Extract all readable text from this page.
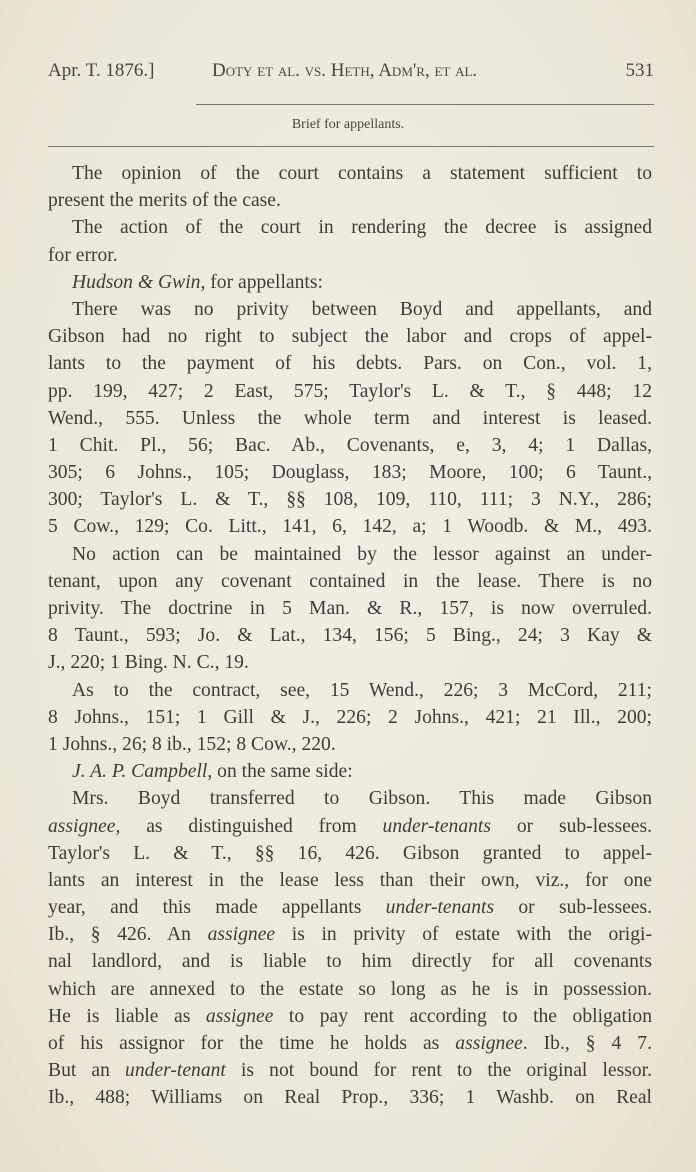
Apr. T. 1876.]	Doty et al. vs. Heth, Adm'r, et al.	531
Brief for appellants.
The opinion of the court contains a statement sufficient to
present the merits of the case.
The action of the court in rendering the decree is assigned
for error.
Hudson & Gwin, for appellants:
There was no privity between Boyd and appellants, and
Gibson had no right to subject the labor and crops of appel-
lants to the payment of his debts. Pars. on Con., vol. 1,
pp. 199, 427; 2 East, 575; Taylor's L. & T., § 448; 12
Wend., 555. Unless the whole term and interest is leased.
1 Chit. Pl., 56; Bac. Ab., Covenants, e, 3, 4; 1 Dallas,
305; 6 Johns., 105; Douglass, 183; Moore, 100; 6 Taunt.,
300; Taylor's L. & T., §§ 108, 109, 110, 111; 3 N.Y., 286;
5 Cow., 129; Co. Litt., 141, 6, 142, a; 1 Woodb. & M., 493.
No action can be maintained by the lessor against an under-
tenant, upon any covenant contained in the lease. There is no
privity. The doctrine in 5 Man. & R., 157, is now overruled.
8 Taunt., 593; Jo. & Lat., 134, 156; 5 Bing., 24; 3 Kay &
J., 220; 1 Bing. N. C., 19.
As to the contract, see, 15 Wend., 226; 3 McCord, 211;
8 Johns., 151; 1 Gill & J., 226; 2 Johns., 421; 21 Ill., 200;
1 Johns., 26; 8 ib., 152; 8 Cow., 220.
J. A. P. Campbell, on the same side:
Mrs. Boyd transferred to Gibson. This made Gibson
assignee, as distinguished from under-tenants or sub-lessees.
Taylor's L. & T., §§ 16, 426. Gibson granted to appel-
lants an interest in the lease less than their own, viz., for one
year, and this made appellants under-tenants or sub-lessees.
Ib., § 426. An assignee is in privity of estate with the origi-
nal landlord, and is liable to him directly for all covenants
which are annexed to the estate so long as he is in possession.
He is liable as assignee to pay rent according to the obligation
of his assignor for the time he holds as assignee. Ib., § 4 7.
But an under-tenant is not bound for rent to the original lessor.
Ib., 488; Williams on Real Prop., 336; 1 Washb. on Real
